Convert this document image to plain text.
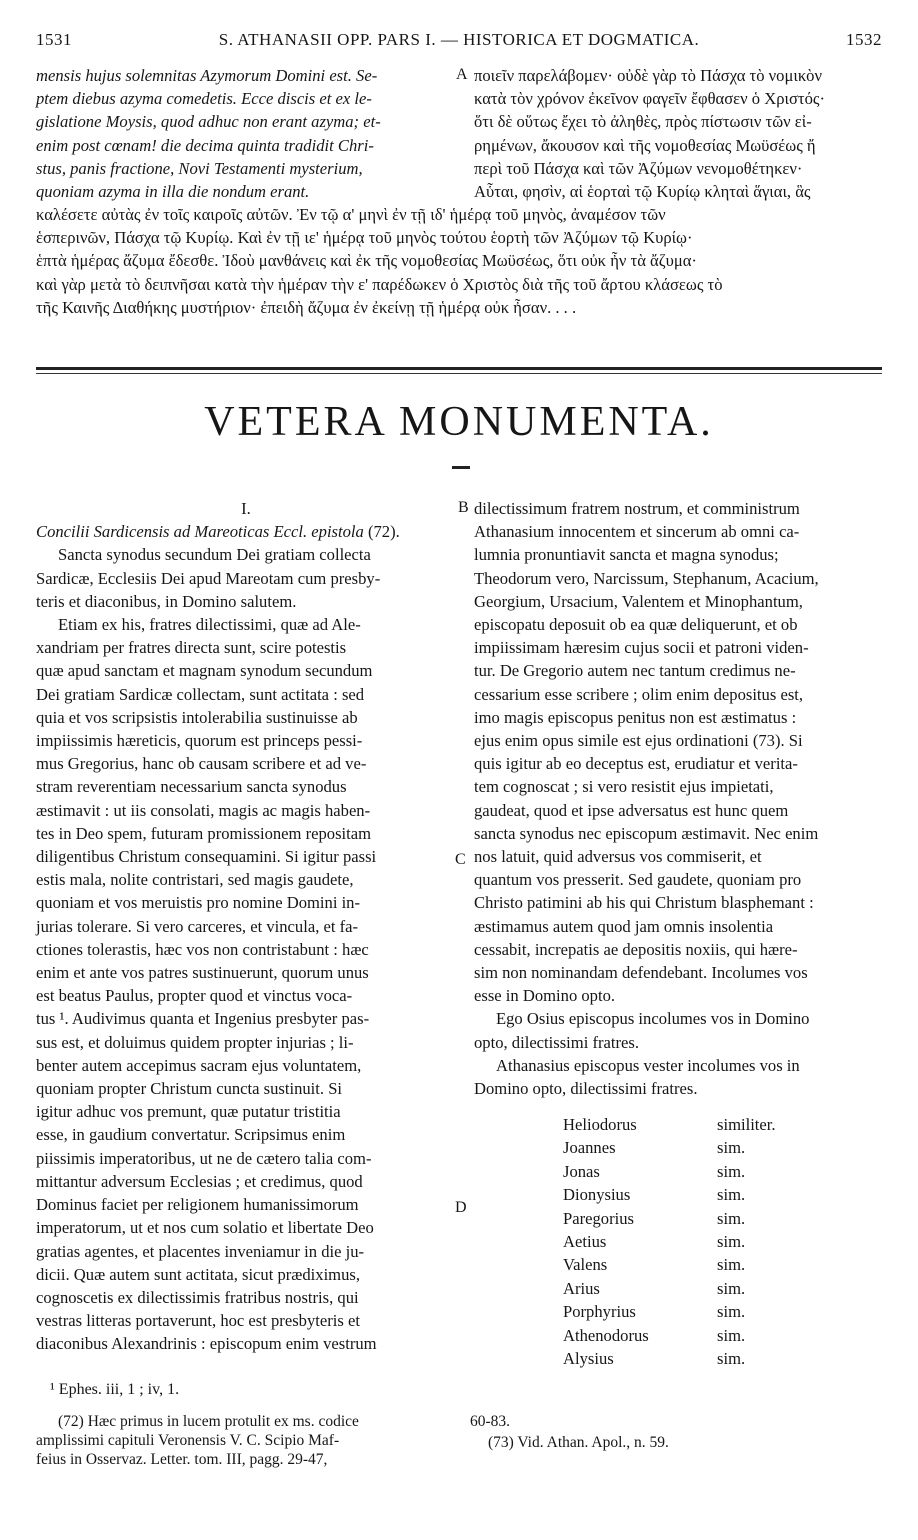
1531	S. ATHANASII OPP. PARS I. — HISTORICA ET DOGMATICA.	1532

mensis hujus solemnitas Azymorum Domini est. Se-

ptem diebus azyma comedetis. Ecce discis et ex le-

gislatione Moysis, quod adhuc non erant azyma; et-

enim post cœnam! die decima quinta tradidit Chri-

stus, panis fractione, Novi Testamenti mysterium,

quoniam azyma in illa die nondum erant.

A ποιεῖν παρελάβομεν· οὐδὲ γὰρ τὸ Πάσχα τὸ νομικὸν

κατὰ τὸν χρόνον ἐκεῖνον φαγεῖν ἔφθασεν ὁ Χριστός·

ὅτι δὲ οὕτως ἔχει τὸ ἀληθὲς, πρὸς πίστωσιν τῶν εἰ-

ρημένων, ἄκουσον καὶ τῆς νομοθεσίας Μωϋσέως ἤ

περὶ τοῦ Πάσχα καὶ τῶν Ἀζύμων νενομοθέτηκεν·

Αὗται, φησὶν, αἱ ἑορταὶ τῷ Κυρίῳ κληταὶ ἅγιαι, ἃς

καλέσετε αὐτὰς ἐν τοῖς καιροῖς αὐτῶν. Ἐν τῷ α' μηνὶ ἐν τῇ ιδ' ἡμέρᾳ τοῦ μηνὸς, ἀναμέσον τῶν

ἑσπερινῶν, Πάσχα τῷ Κυρίῳ. Καὶ ἐν τῇ ιε' ἡμέρᾳ τοῦ μηνὸς τούτου ἑορτὴ τῶν Ἀζύμων τῷ Κυρίῳ·

ἑπτὰ ἡμέρας ἄζυμα ἔδεσθε. Ἰδοὺ μανθάνεις καὶ ἐκ τῆς νομοθεσίας Μωϋσέως, ὅτι οὐκ ἦν τὰ ἄζυμα·

καὶ γὰρ μετὰ τὸ δειπνῆσαι κατὰ τὴν ἡμέραν τὴν ε' παρέδωκεν ὁ Χριστὸς διὰ τῆς τοῦ ἄρτου κλάσεως τὸ

τῆς Καινῆς Διαθήκης μυστήριον· ἐπειδὴ ἄζυμα ἐν ἐκείνῃ τῇ ἡμέρᾳ οὐκ ἦσαν. . . .

VETERA MONUMENTA.

I.

Concilii Sardicensis ad Mareoticas Eccl. epistola (72).

Sancta synodus secundum Dei gratiam collecta

Sardicæ, Ecclesiis Dei apud Mareotam cum presby-

teris et diaconibus, in Domino salutem.

Etiam ex his, fratres dilectissimi, quæ ad Ale-

xandriam per fratres directa sunt, scire potestis

quæ apud sanctam et magnam synodum secundum

Dei gratiam Sardicæ collectam, sunt actitata : sed

quia et vos scripsistis intolerabilia sustinuisse ab

impiissimis hæreticis, quorum est princeps pessi-

mus Gregorius, hanc ob causam scribere et ad ve-

stram reverentiam necessarium sancta synodus

æstimavit : ut iis consolati, magis ac magis haben-

tes in Deo spem, futuram promissionem repositam

diligentibus Christum consequamini. Si igitur passi

estis mala, nolite contristari, sed magis gaudete,

quoniam et vos meruistis pro nomine Domini in-

jurias tolerare. Si vero carceres, et vincula, et fa-

ctiones tolerastis, hæc vos non contristabunt : hæc

enim et ante vos patres sustinuerunt, quorum unus

est beatus Paulus, propter quod et vinctus voca-

tus ¹. Audivimus quanta et Ingenius presbyter pas-

sus est, et doluimus quidem propter injurias ; li-

benter autem accepimus sacram ejus voluntatem,

quoniam propter Christum cuncta sustinuit. Si

igitur adhuc vos premunt, quæ putatur tristitia

esse, in gaudium convertatur. Scripsimus enim

piissimis imperatoribus, ut ne de cætero talia com-

mittantur adversum Ecclesias ; et credimus, quod

Dominus faciet per religionem humanissimorum

imperatorum, ut et nos cum solatio et libertate Deo

gratias agentes, et placentes inveniamur in die ju-

dicii. Quæ autem sunt actitata, sicut prædiximus,

cognoscetis ex dilectissimis fratribus nostris, qui

vestras litteras portaverunt, hoc est presbyteris et

diaconibus Alexandrinis : episcopum enim vestrum

B
C
D

dilectissimum fratrem nostrum, et comministrum

Athanasium innocentem et sincerum ab omni ca-

lumnia pronuntiavit sancta et magna synodus;

Theodorum vero, Narcissum, Stephanum, Acacium,

Georgium, Ursacium, Valentem et Minophantum,

episcopatu deposuit ob ea quæ deliquerunt, et ob

impiissimam hæresim cujus socii et patroni viden-

tur. De Gregorio autem nec tantum credimus ne-

cessarium esse scribere ; olim enim depositus est,

imo magis episcopus penitus non est æstimatus :

ejus enim opus simile est ejus ordinationi (73). Si

quis igitur ab eo deceptus est, erudiatur et verita-

tem cognoscat ; si vero resistit ejus impietati,

gaudeat, quod et ipse adversatus est hunc quem

sancta synodus nec episcopum æstimavit. Nec enim

nos latuit, quid adversus vos commiserit, et

quantum vos presserit. Sed gaudete, quoniam pro

Christo patimini ab his qui Christum blasphemant :

æstimamus autem quod jam omnis insolentia

cessabit, increpatis ae depositis noxiis, qui hære-

sim non nominandam defendebant. Incolumes vos

esse in Domino opto.

Ego Osius episcopus incolumes vos in Domino

opto, dilectissimi fratres.

Athanasius episcopus vester incolumes vos in

Domino opto, dilectissimi fratres.

Heliodorus	similiter.
Joannes	sim.
Jonas	sim.
Dionysius	sim.
Paregorius	sim.
Aetius	sim.
Valens	sim.
Arius	sim.
Porphyrius	sim.
Athenodorus	sim.
Alysius	sim.
¹ Ephes. iii, 1 ; iv, 1.
(72) Hæc primus in lucem protulit ex ms. codice
amplissimi capituli Veronensis V. C. Scipio Maf-
feius in Osservaz. Letter. tom. III, pagg. 29-47,
60-83.
(73) Vid. Athan. Apol., n. 59.
